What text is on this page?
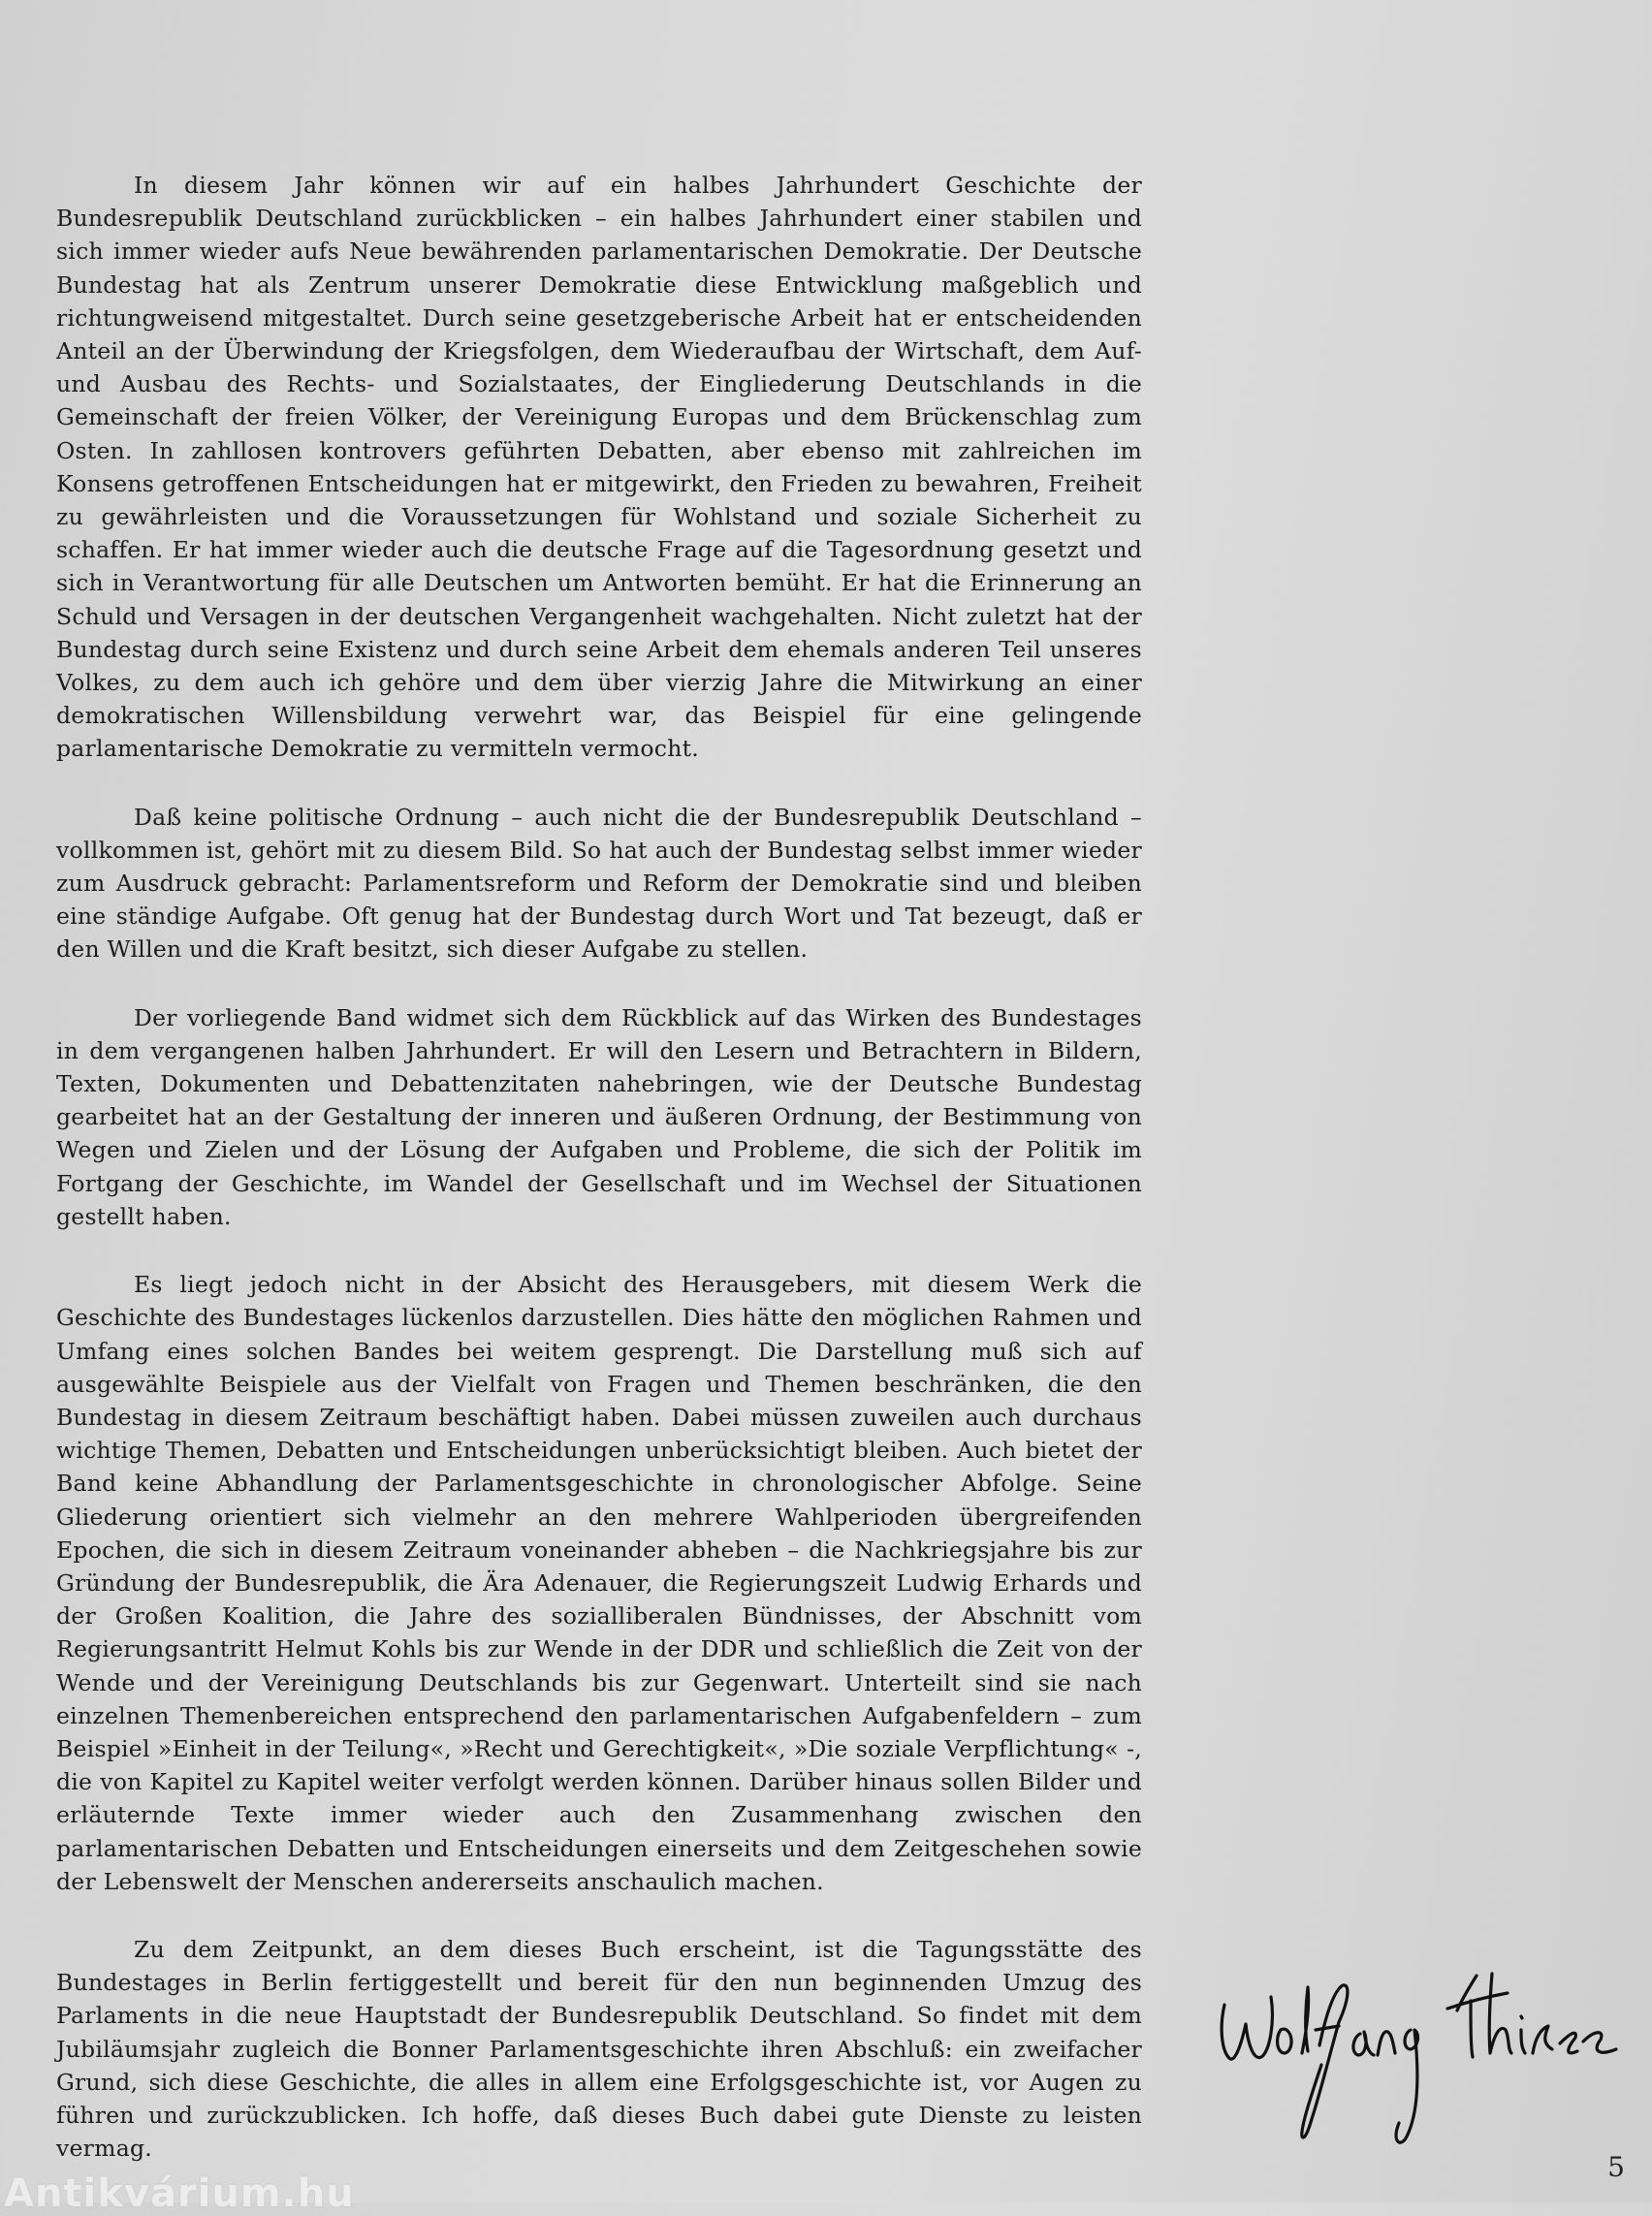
In diesem Jahr können wir auf ein halbes Jahrhundert Geschichte der Bundesrepublik Deutschland zurückblicken – ein halbes Jahrhundert einer stabilen und sich immer wieder aufs Neue bewährenden parlamentarischen Demokratie. Der Deutsche Bundestag hat als Zentrum unserer Demokratie diese Entwicklung maßgeblich und richtungweisend mitgestaltet. Durch seine gesetzgeberische Arbeit hat er entscheidenden Anteil an der Überwindung der Kriegsfolgen, dem Wiederaufbau der Wirtschaft, dem Auf- und Ausbau des Rechts- und Sozialstaates, der Eingliederung Deutschlands in die Gemeinschaft der freien Völker, der Vereinigung Europas und dem Brückenschlag zum Osten. In zahllosen kontrovers geführten Debatten, aber ebenso mit zahlreichen im Konsens getroffenen Entscheidungen hat er mitgewirkt, den Frieden zu bewahren, Freiheit zu gewährleisten und die Voraussetzungen für Wohlstand und soziale Sicherheit zu schaffen. Er hat immer wieder auch die deutsche Frage auf die Tagesordnung gesetzt und sich in Verantwortung für alle Deutschen um Antworten bemüht. Er hat die Erinnerung an Schuld und Versagen in der deutschen Vergangenheit wachgehalten. Nicht zuletzt hat der Bundestag durch seine Existenz und durch seine Arbeit dem ehemals anderen Teil unseres Volkes, zu dem auch ich gehöre und dem über vierzig Jahre die Mitwirkung an einer demokratischen Willensbildung verwehrt war, das Beispiel für eine gelingende parlamentarische Demokratie zu vermitteln vermocht.

Daß keine politische Ordnung – auch nicht die der Bundesrepublik Deutschland – vollkommen ist, gehört mit zu diesem Bild. So hat auch der Bundestag selbst immer wieder zum Ausdruck gebracht: Parlamentsreform und Reform der Demokratie sind und bleiben eine ständige Aufgabe. Oft genug hat der Bundestag durch Wort und Tat bezeugt, daß er den Willen und die Kraft besitzt, sich dieser Aufgabe zu stellen.

Der vorliegende Band widmet sich dem Rückblick auf das Wirken des Bundestages in dem vergangenen halben Jahrhundert. Er will den Lesern und Betrachtern in Bildern, Texten, Dokumenten und Debattenzitaten nahebringen, wie der Deutsche Bundestag gearbeitet hat an der Gestaltung der inneren und äußeren Ordnung, der Bestimmung von Wegen und Zielen und der Lösung der Aufgaben und Probleme, die sich der Politik im Fortgang der Geschichte, im Wandel der Gesellschaft und im Wechsel der Situationen gestellt haben.

Es liegt jedoch nicht in der Absicht des Herausgebers, mit diesem Werk die Geschichte des Bundestages lückenlos darzustellen. Dies hätte den möglichen Rahmen und Umfang eines solchen Bandes bei weitem gesprengt. Die Darstellung muß sich auf ausgewählte Beispiele aus der Vielfalt von Fragen und Themen beschränken, die den Bundestag in diesem Zeitraum beschäftigt haben. Dabei müssen zuweilen auch durchaus wichtige Themen, Debatten und Entscheidungen unberücksichtigt bleiben. Auch bietet der Band keine Abhandlung der Parlamentsgeschichte in chronologischer Abfolge. Seine Gliederung orientiert sich vielmehr an den mehrere Wahlperioden übergreifenden Epochen, die sich in diesem Zeitraum voneinander abheben – die Nachkriegsjahre bis zur Gründung der Bundesrepublik, die Ära Adenauer, die Regierungszeit Ludwig Erhards und der Großen Koalition, die Jahre des sozialliberalen Bündnisses, der Abschnitt vom Regierungsantritt Helmut Kohls bis zur Wende in der DDR und schließlich die Zeit von der Wende und der Vereinigung Deutschlands bis zur Gegenwart. Unterteilt sind sie nach einzelnen Themenbereichen entsprechend den parlamentarischen Aufgabenfeldern – zum Beispiel »Einheit in der Teilung«, »Recht und Gerechtigkeit«, »Die soziale Verpflichtung« -, die von Kapitel zu Kapitel weiter verfolgt werden können. Darüber hinaus sollen Bilder und erläuternde Texte immer wieder auch den Zusammenhang zwischen den parlamentarischen Debatten und Entscheidungen einerseits und dem Zeitgeschehen sowie der Lebenswelt der Menschen andererseits anschaulich machen.

Zu dem Zeitpunkt, an dem dieses Buch erscheint, ist die Tagungsstätte des Bundestages in Berlin fertiggestellt und bereit für den nun beginnenden Umzug des Parlaments in die neue Hauptstadt der Bundesrepublik Deutschland. So findet mit dem Jubiläumsjahr zugleich die Bonner Parlamentsgeschichte ihren Abschluß: ein zweifacher Grund, sich diese Geschichte, die alles in allem eine Erfolgsgeschichte ist, vor Augen zu führen und zurückzublicken. Ich hoffe, daß dieses Buch dabei gute Dienste zu leisten vermag.

5
Antikvárium.hu
